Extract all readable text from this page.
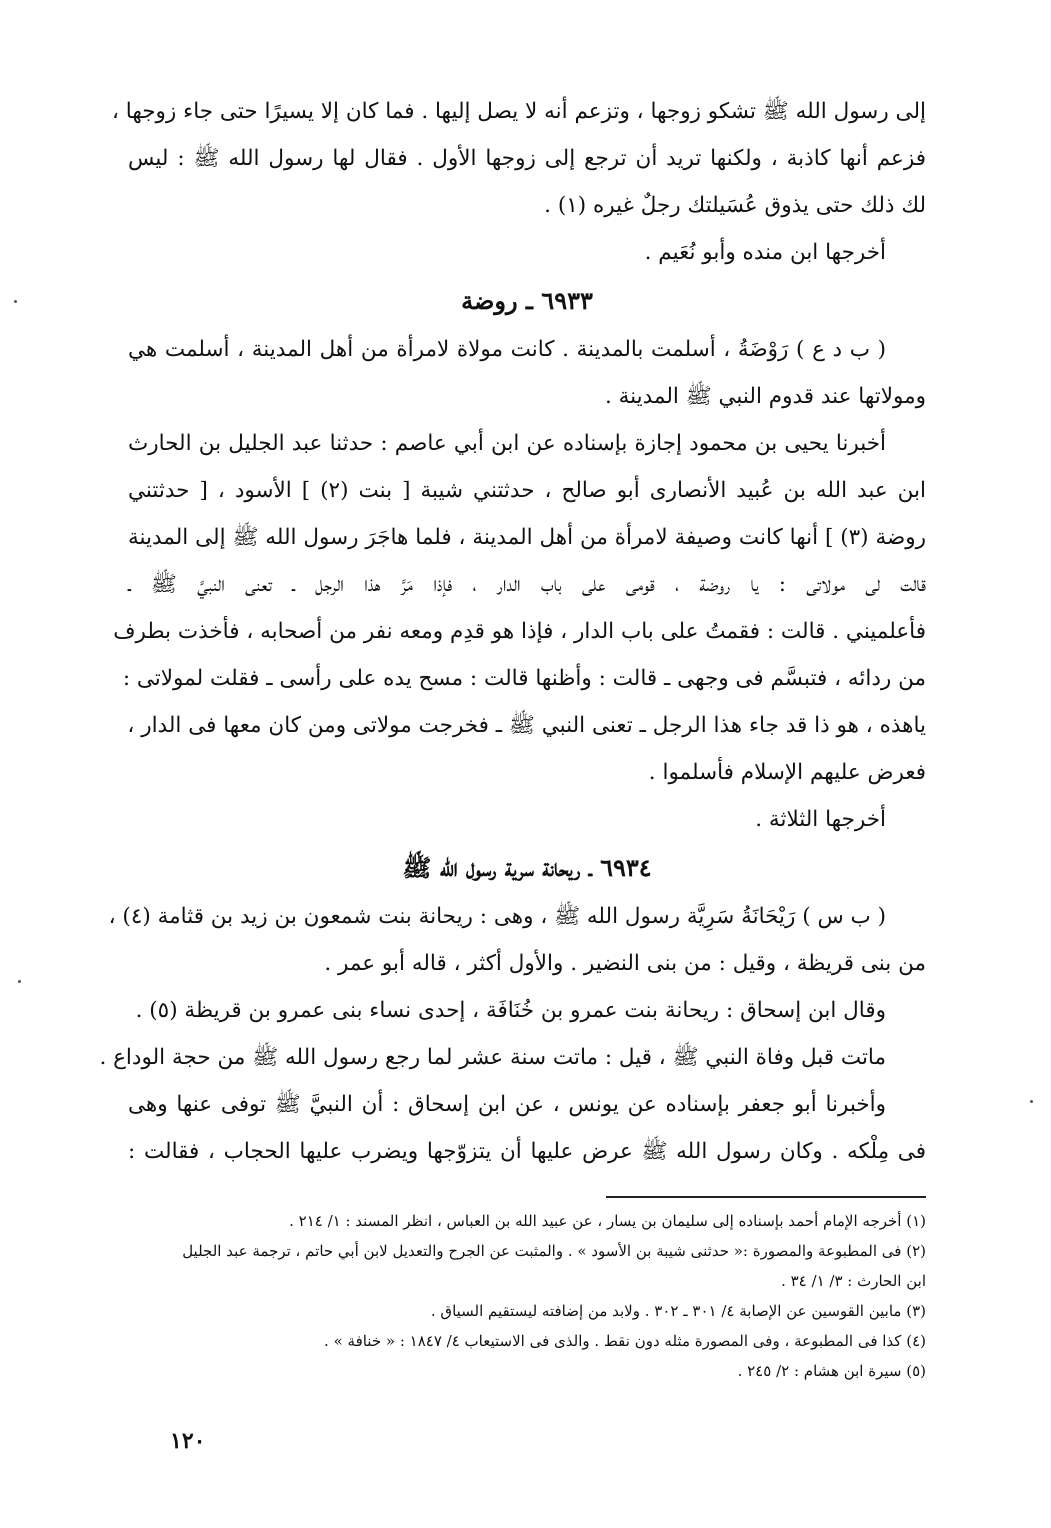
إلى رسول الله ﷺ تشكو زوجها ، وتزعم أنه لا يصل إليها . فما كان إلا يسيرًا حتى جاء زوجها ،
فزعم أنها كاذبة ، ولكنها تريد أن ترجع إلى زوجها الأول . فقال لها رسول الله ﷺ : ليس
لك ذلك حتى يذوق عُسَيلتك رجلٌ غيره (١) .
أخرجها ابن منده وأبو نُعَيم .
٦٩٣٣ ـ روضة
( ب د ع ) رَوْضَةُ ، أسلمت بالمدينة . كانت مولاة لامرأة من أهل المدينة ، أسلمت هي
ومولاتها عند قدوم النبي ﷺ المدينة .
أخبرنا يحيى بن محمود إجازة بإسناده عن ابن أبي عاصم : حدثنا عبد الجليل بن الحارث
ابن عبد الله بن عُبيد الأنصارى أبو صالح ، حدثتني شيبة [ بنت (٢) ] الأسود ، [ حدثتني
روضة (٣) ] أنها كانت وصيفة لامرأة من أهل المدينة ، فلما هاجَرَ رسول الله ﷺ إلى المدينة
قالت لى مولاتى : يا روضة ، قومى على باب الدار ، فإذا مَرَّ هذا الرجل ـ تعنى النبيَّ ﷺ ـ
فأعلميني . قالت : فقمتُ على باب الدار ، فإذا هو قدِم ومعه نفر من أصحابه ، فأخذت بطرف
من ردائه ، فتبسَّم فى وجهى ـ قالت : وأظنها قالت : مسح يده على رأسى ـ فقلت لمولاتى :
ياهذه ، هو ذا قد جاء هذا الرجل ـ تعنى النبي ﷺ ـ فخرجت مولاتى ومن كان معها فى الدار ،
فعرض عليهم الإسلام فأسلموا .
أخرجها الثلاثة .
٦٩٣٤ ـ ريحانة سرية رسول الله ﷺ
( ب س ) رَيْحَانَةُ سَرِيَّة رسول الله ﷺ ، وهى : ريحانة بنت شمعون بن زيد بن قثامة (٤) ،
من بنى قريظة ، وقيل : من بنى النضير . والأول أكثر ، قاله أبو عمر .
وقال ابن إسحاق : ريحانة بنت عمرو بن خُنَافَة ، إحدى نساء بنى عمرو بن قريظة (٥) .
ماتت قبل وفاة النبي ﷺ ، قيل : ماتت سنة عشر لما رجع رسول الله ﷺ من حجة الوداع .
وأخبرنا أبو جعفر بإسناده عن يونس ، عن ابن إسحاق : أن النبيَّ ﷺ توفى عنها وهى
فى مِلْكه . وكان رسول الله ﷺ عرض عليها أن يتزوّجها ويضرب عليها الحجاب ، فقالت :

(١) أخرجه الإمام أحمد بإسناده إلى سليمان بن يسار ، عن عبيد الله بن العباس ، انظر المسند : ١/ ٢١٤ .

(٢) فى المطبوعة والمصورة :« حدثنى شيبة بن الأسود » . والمثبت عن الجرح والتعديل لابن أبي حاتم ، ترجمة عبد الجليل

ابن الحارث : ٣/ ١/ ٣٤ .

(٣) مابين القوسين عن الإصابة ٤/ ٣٠١ ـ ٣٠٢ . ولابد من إضافته ليستقيم السياق .

(٤) كذا فى المطبوعة ، وفى المصورة مثله دون نقط . والذى فى الاستيعاب ٤/ ١٨٤٧ : « خنافة » .

(٥) سيرة ابن هشام : ٢/ ٢٤٥ .

١٢٠
